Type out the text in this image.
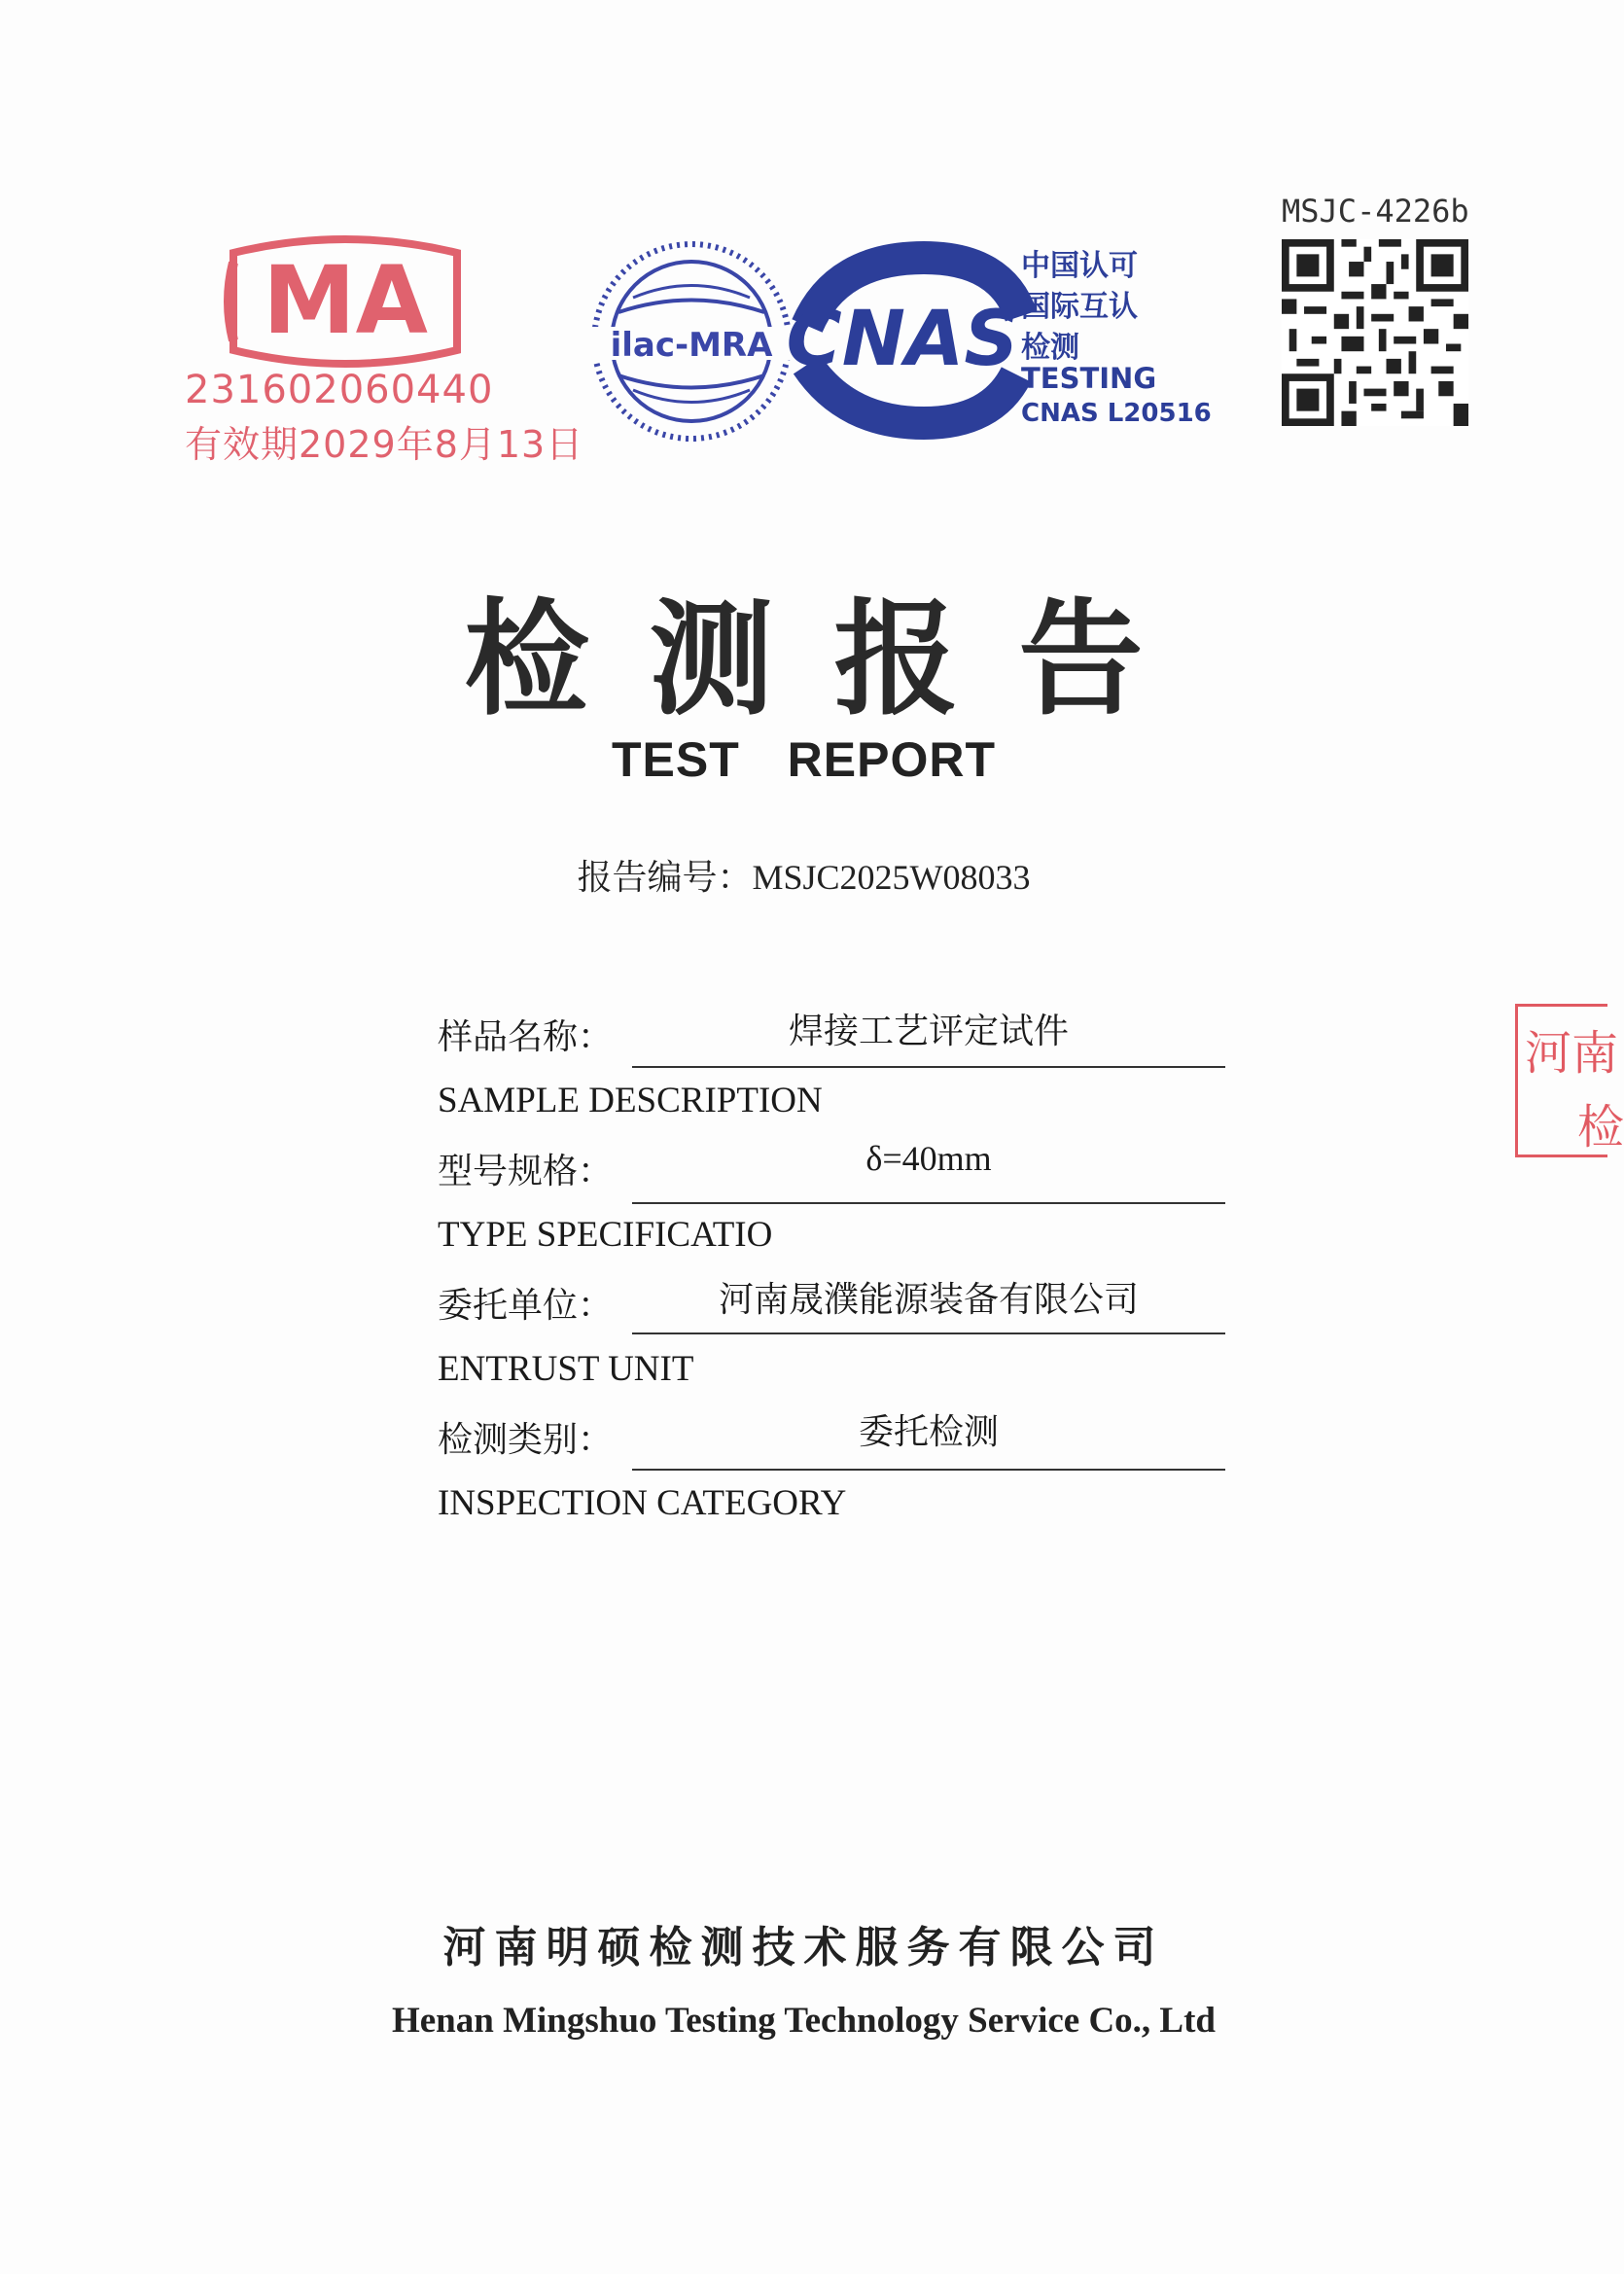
MA
231602060440
有效期2029年8月13日
ilac-MRA CNAS
中国认可
国际互认
检测
TESTING
CNAS L20516
MSJC-4226b
检测报告
TEST REPORT
报告编号：MSJC2025W08033
样品名称：	焊接工艺评定试件
SAMPLE DESCRIPTION
型号规格：	δ=40mm
TYPE SPECIFICATIO
委托单位：	河南晟濮能源装备有限公司
ENTRUST UNIT
检测类别：	委托检测
INSPECTION CATEGORY
河南
检
河南明硕检测技术服务有限公司
Henan Mingshuo Testing Technology Service Co., Ltd
